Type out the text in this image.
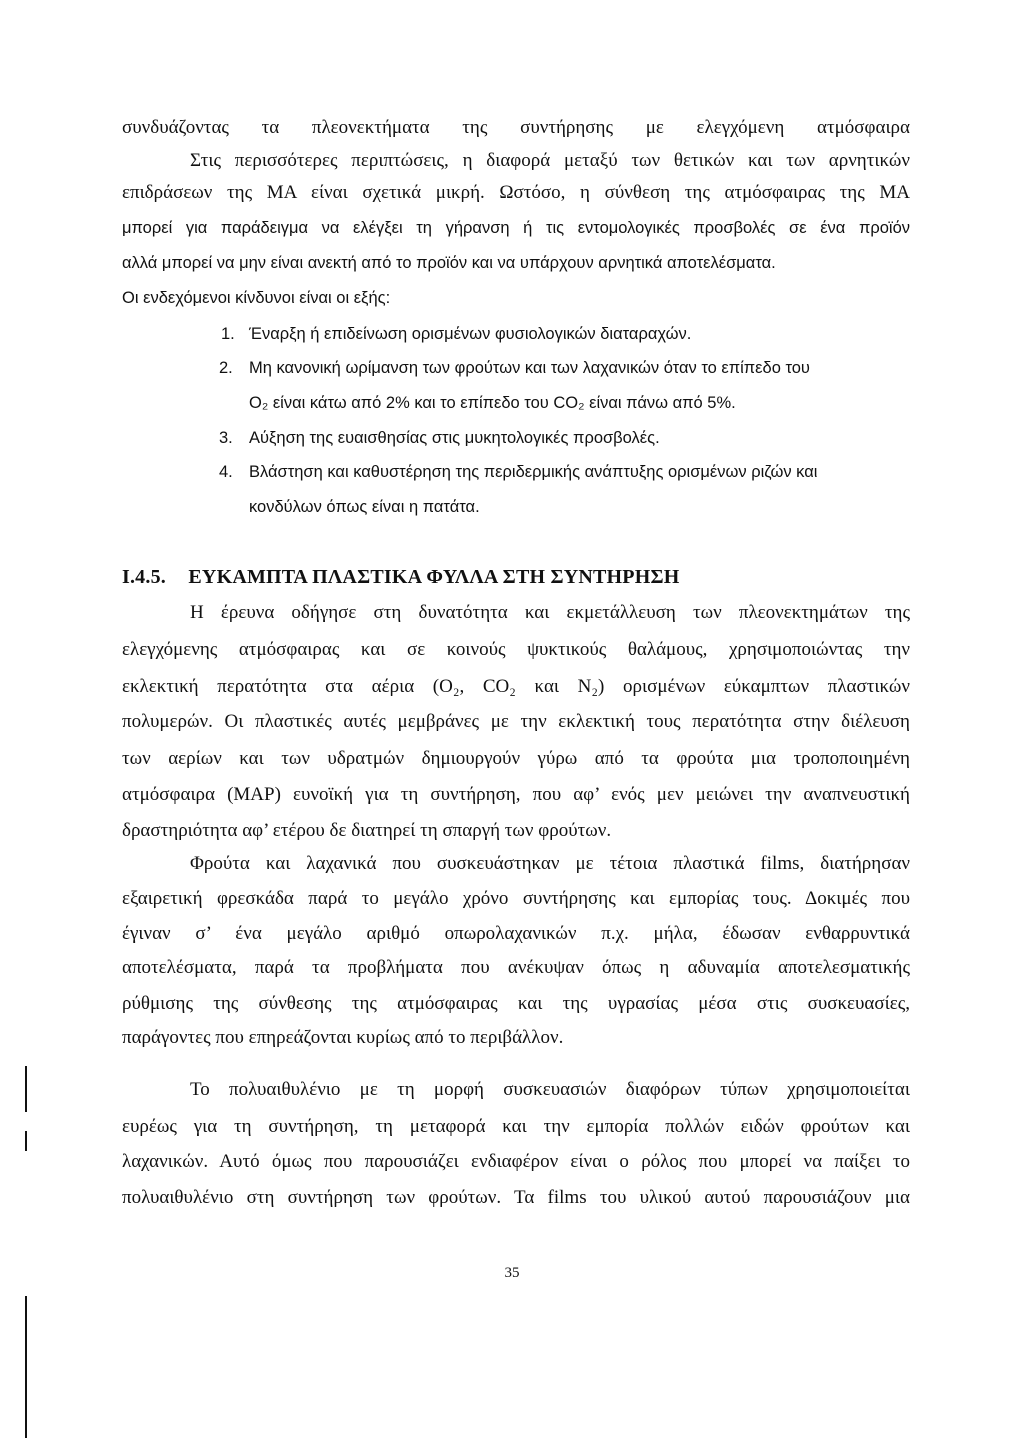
συνδυάζοντας τα πλεονεκτήματα της συντήρησης με ελεγχόμενη ατμόσφαιρα
Στις περισσότερες περιπτώσεις, η διαφορά μεταξύ των θετικών και των αρνητικών
επιδράσεων της ΜΑ είναι σχετικά μικρή. Ωστόσο, η σύνθεση της ατμόσφαιρας της ΜΑ
μπορεί για παράδειγμα να ελέγξει τη γήρανση ή τις εντομολογικές προσβολές σε ένα προϊόν
αλλά μπορεί να μην είναι ανεκτή από το προϊόν και να υπάρχουν αρνητικά αποτελέσματα.
Οι ενδεχόμενοι κίνδυνοι είναι οι εξής:
1. Έναρξη ή επιδείνωση ορισμένων φυσιολογικών διαταραχών.
2. Μη κανονική ωρίμανση των φρούτων και των λαχανικών όταν το επίπεδο του
Ο₂ είναι κάτω από 2% και το επίπεδο του CO₂ είναι πάνω από 5%.
3. Αύξηση της ευαισθησίας στις μυκητολογικές προσβολές.
4. Βλάστηση και καθυστέρηση της περιδερμικής ανάπτυξης ορισμένων ριζών και
κονδύλων όπως είναι η πατάτα.
I.4.5. ΕΥΚΑΜΠΤΑ ΠΛΑΣΤΙΚΑ ΦΥΛΛΑ ΣΤΗ ΣΥΝΤΗΡΗΣΗ
Η έρευνα οδήγησε στη δυνατότητα και εκμετάλλευση των πλεονεκτημάτων της
ελεγχόμενης ατμόσφαιρας και σε κοινούς ψυκτικούς θαλάμους, χρησιμοποιώντας την
εκλεκτική περατότητα στα αέρια (O₂, CO₂ και N₂) ορισμένων εύκαμπτων πλαστικών
πολυμερών. Οι πλαστικές αυτές μεμβράνες με την εκλεκτική τους περατότητα στην διέλευση
των αερίων και των υδρατμών δημιουργούν γύρω από τα φρούτα μια τροποποιημένη
ατμόσφαιρα (ΜΑΡ) ευνοϊκή για τη συντήρηση, που αφ’ ενός μεν μειώνει την αναπνευστική
δραστηριότητα αφ’ ετέρου δε διατηρεί τη σπαργή των φρούτων.
Φρούτα και λαχανικά που συσκευάστηκαν με τέτοια πλαστικά films, διατήρησαν
εξαιρετική φρεσκάδα παρά το μεγάλο χρόνο συντήρησης και εμπορίας τους. Δοκιμές που
έγιναν σ’ ένα μεγάλο αριθμό οπωρολαχανικών π.χ. μήλα, έδωσαν ενθαρρυντικά
αποτελέσματα, παρά τα προβλήματα που ανέκυψαν όπως η αδυναμία αποτελεσματικής
ρύθμισης της σύνθεσης της ατμόσφαιρας και της υγρασίας μέσα στις συσκευασίες,
παράγοντες που επηρεάζονται κυρίως από το περιβάλλον.
Το πολυαιθυλένιο με τη μορφή συσκευασιών διαφόρων τύπων χρησιμοποιείται
ευρέως για τη συντήρηση, τη μεταφορά και την εμπορία πολλών ειδών φρούτων και
λαχανικών. Αυτό όμως που παρουσιάζει ενδιαφέρον είναι ο ρόλος που μπορεί να παίξει το
πολυαιθυλένιο στη συντήρηση των φρούτων. Τα films του υλικού αυτού παρουσιάζουν μια
35
